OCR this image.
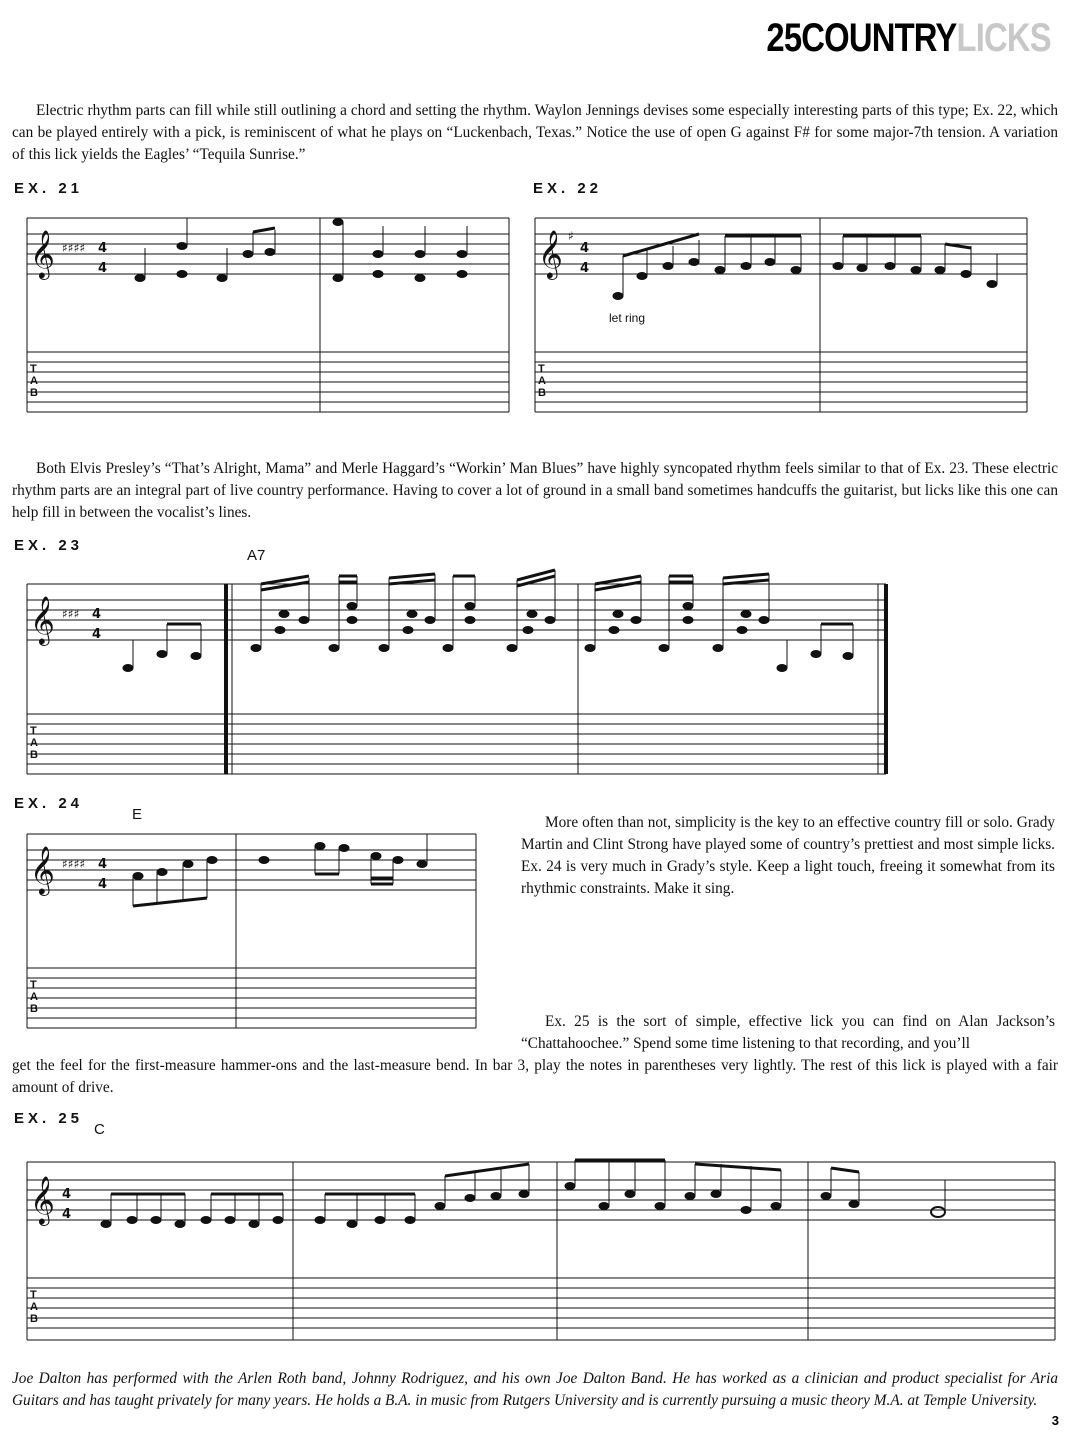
25COUNTRYLICKS
Electric rhythm parts can fill while still outlining a chord and setting the rhythm. Waylon Jennings devises some especially interesting parts of this type; Ex. 22, which can be played entirely with a pick, is reminiscent of what he plays on “Luckenbach, Texas.” Notice the use of open G against F# for some major-7th tension. A variation of this lick yields the Eagles’ “Tequila Sunrise.”
EX. 21	EX. 22
Both Elvis Presley’s “That’s Alright, Mama” and Merle Haggard’s “Workin’ Man Blues” have highly syncopated rhythm feels similar to that of Ex. 23. These electric rhythm parts are an integral part of live country performance. Having to cover a lot of ground in a small band sometimes handcuffs the guitarist, but licks like this one can help fill in between the vocalist’s lines.
EX. 23
A7
EX. 24
E	More often than not, simplicity is the key to an effective country fill or solo. Grady Martin and Clint Strong have played some of country’s prettiest and most simple licks. Ex. 24 is very much in Grady’s style. Keep a light touch, freeing it somewhat from its rhythmic constraints. Make it sing.
Ex. 25 is the sort of simple, effective lick you can find on Alan Jackson’s “Chattahoochee.” Spend some time listening to that recording, and you’ll
get the feel for the first-measure hammer-ons and the last-measure bend. In bar 3, play the notes in parentheses very lightly. The rest of this lick is played with a fair amount of drive.
EX. 25
C
𝄞 ♯♯♯♯ 4
4	𝄞 ♯
4
4
𝄞 ♯♯♯ 4
4
𝄞 ♯♯♯♯ 4
4
𝄞 4
4
T
A
B
T
A
B
T
A
B
T
A
B
T
A
B
let ring
Joe Dalton has performed with the Arlen Roth band, Johnny Rodriguez, and his own Joe Dalton Band. He has worked as a clinician and product specialist for Aria Guitars and has taught privately for many years. He holds a B.A. in music from Rutgers University and is currently pursuing a music theory M.A. at Temple University.
3
